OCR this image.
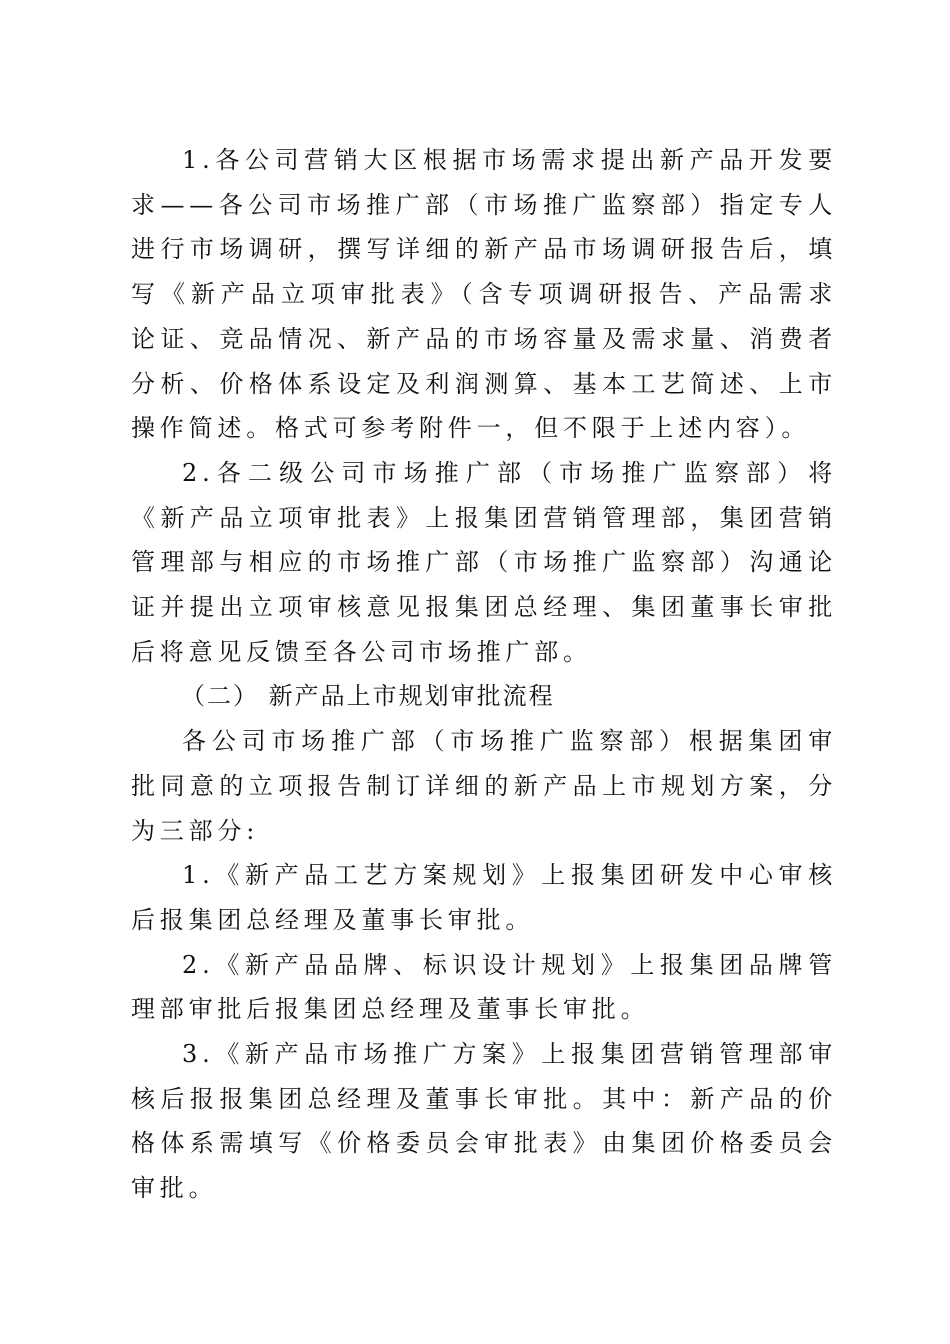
1.各公司营销大区根据市场需求提出新产品开发要求——各公司市场推广部（市场推广监察部）指定专人进行市场调研，撰写详细的新产品市场调研报告后，填写《新产品立项审批表》（含专项调研报告、产品需求论证、竞品情况、新产品的市场容量及需求量、消费者分析、价格体系设定及利润测算、基本工艺简述、上市操作简述。格式可参考附件一，但不限于上述内容）。

2.各二级公司市场推广部（市场推广监察部）将《新产品立项审批表》上报集团营销管理部，集团营销管理部与相应的市场推广部（市场推广监察部）沟通论证并提出立项审核意见报集团总经理、集团董事长审批后将意见反馈至各公司市场推广部。

（二） 新产品上市规划审批流程

各公司市场推广部（市场推广监察部）根据集团审批同意的立项报告制订详细的新产品上市规划方案，分为三部分:

1.《新产品工艺方案规划》上报集团研发中心审核后报集团总经理及董事长审批。

2.《新产品品牌、标识设计规划》上报集团品牌管理部审批后报集团总经理及董事长审批。

3.《新产品市场推广方案》上报集团营销管理部审核后报报集团总经理及董事长审批。其中：新产品的价格体系需填写《价格委员会审批表》由集团价格委员会审批。
